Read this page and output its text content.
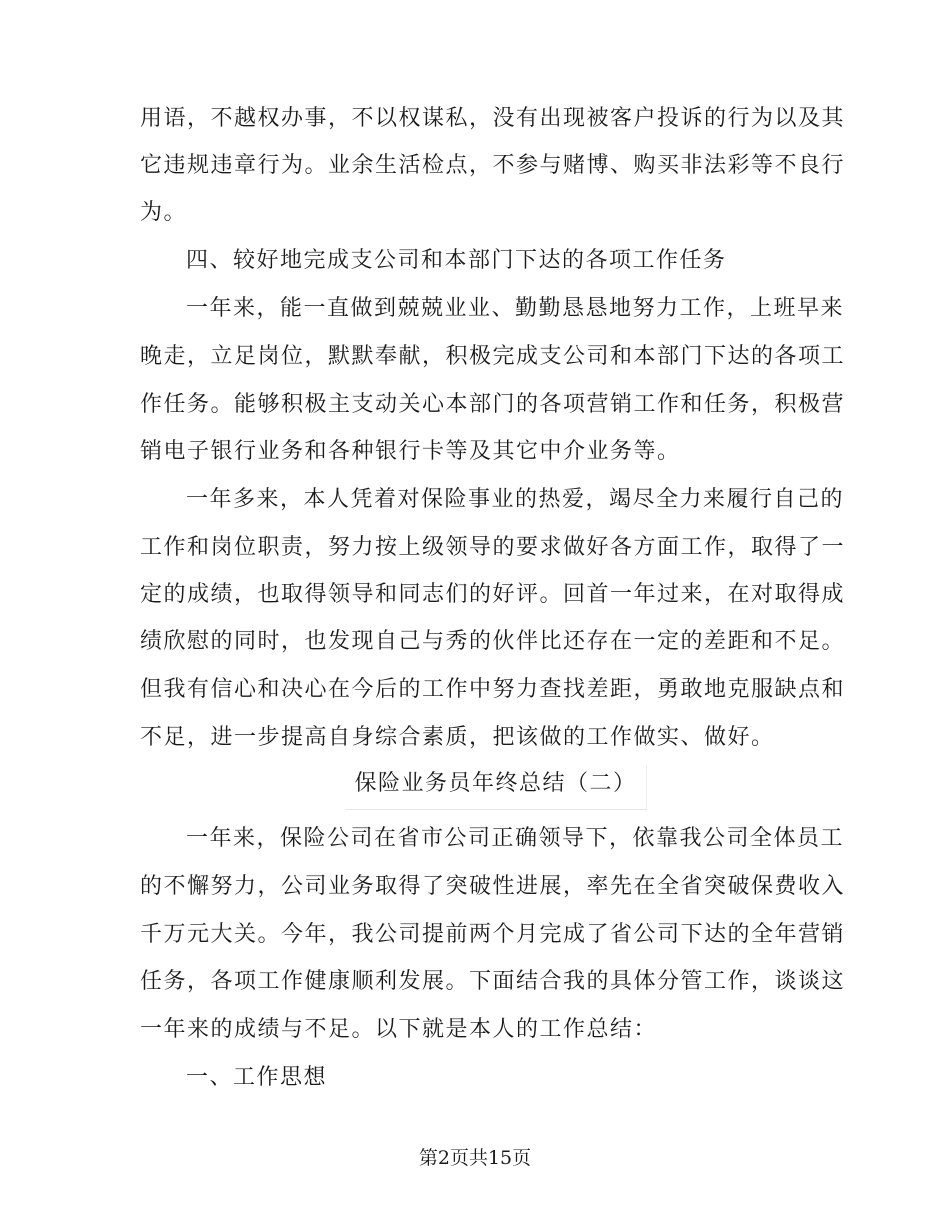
用语，不越权办事，不以权谋私，没有出现被客户投诉的行为以及其
它违规违章行为。业余生活检点，不参与赌博、购买非法彩等不良行
为。
四、较好地完成支公司和本部门下达的各项工作任务
一年来，能一直做到兢兢业业、勤勤恳恳地努力工作，上班早来
晚走，立足岗位，默默奉献，积极完成支公司和本部门下达的各项工
作任务。能够积极主支动关心本部门的各项营销工作和任务，积极营
销电子银行业务和各种银行卡等及其它中介业务等。
一年多来，本人凭着对保险事业的热爱，竭尽全力来履行自己的
工作和岗位职责，努力按上级领导的要求做好各方面工作，取得了一
定的成绩，也取得领导和同志们的好评。回首一年过来，在对取得成
绩欣慰的同时，也发现自己与秀的伙伴比还存在一定的差距和不足。
但我有信心和决心在今后的工作中努力查找差距，勇敢地克服缺点和
不足，进一步提高自身综合素质，把该做的工作做实、做好。
保险业务员年终总结（二）
一年来，保险公司在省市公司正确领导下，依靠我公司全体员工
的不懈努力，公司业务取得了突破性进展，率先在全省突破保费收入
千万元大关。今年，我公司提前两个月完成了省公司下达的全年营销
任务，各项工作健康顺利发展。下面结合我的具体分管工作，谈谈这
一年来的成绩与不足。以下就是本人的工作总结：
一、工作思想
第2页共15页
